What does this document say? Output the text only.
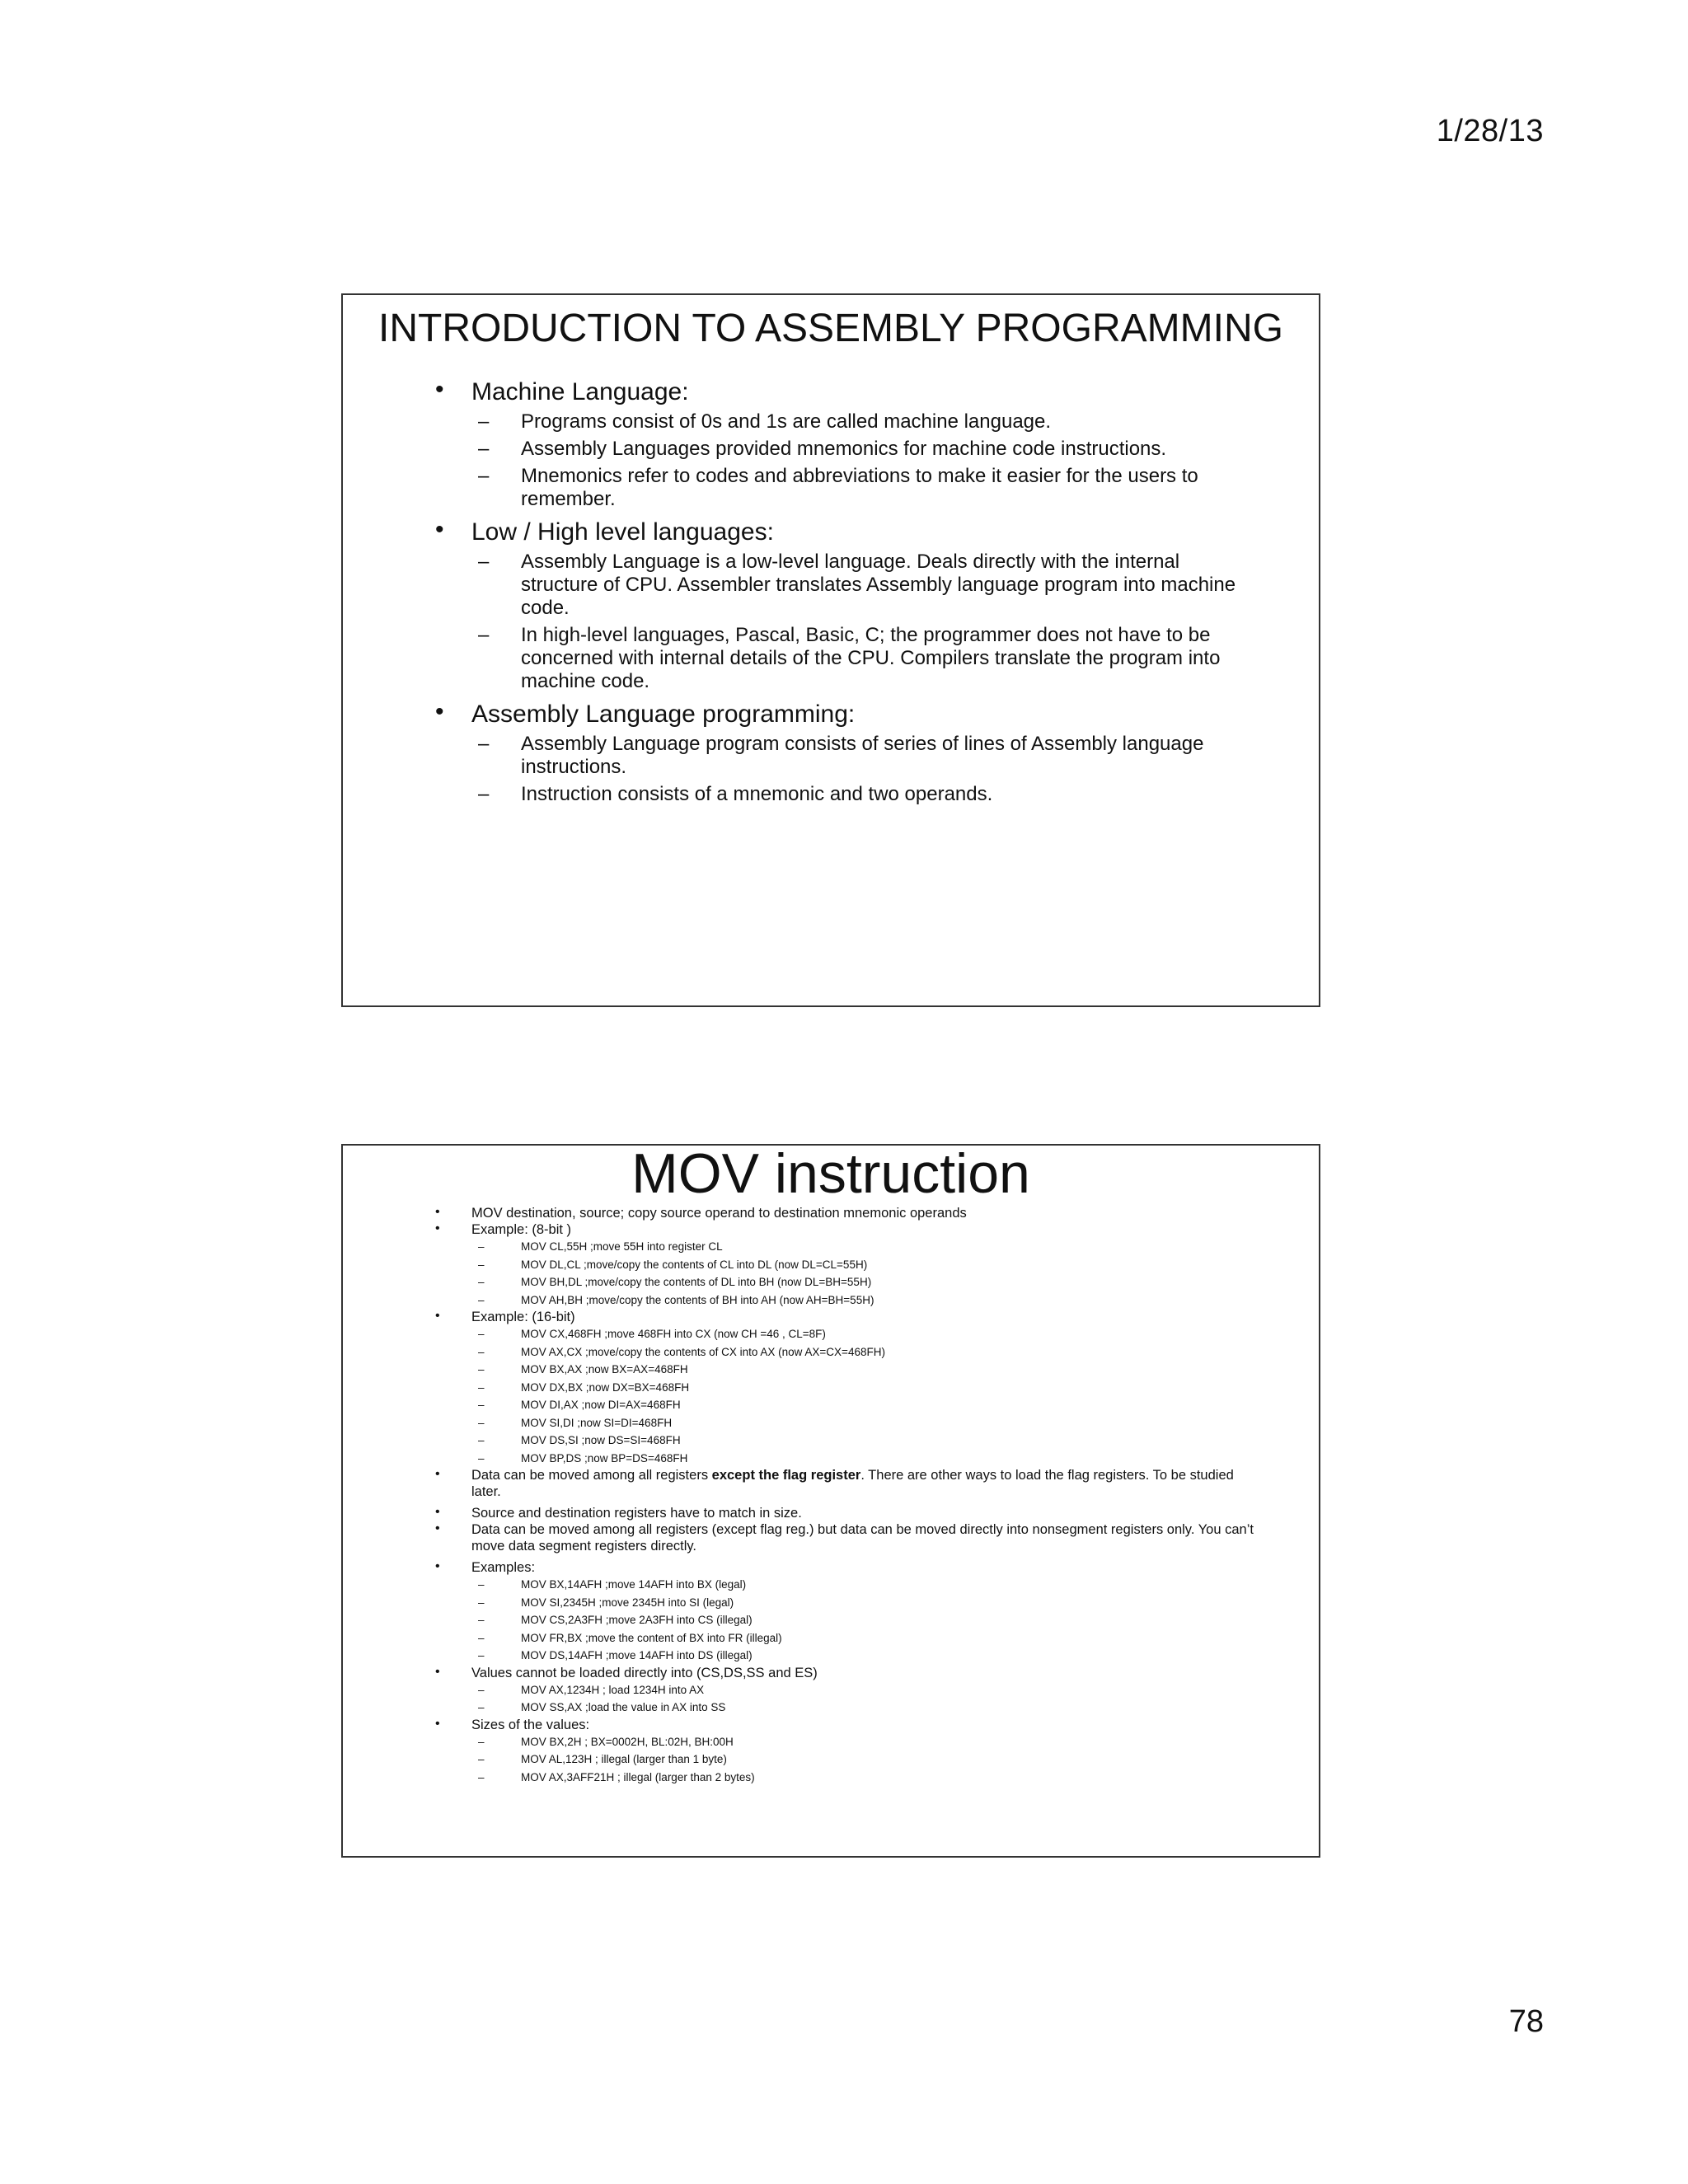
1/28/13
INTRODUCTION TO ASSEMBLY PROGRAMMING
• Machine Language:
– Programs consist of 0s and 1s are called machine language.
– Assembly Languages provided mnemonics for machine code instructions.
– Mnemonics refer to codes and abbreviations to make it easier for the users to remember.
• Low / High level languages:
– Assembly Language is a low-level language. Deals directly with the internal structure of CPU. Assembler translates Assembly language program into machine code.
– In high-level languages, Pascal, Basic, C; the programmer does not have to be concerned with internal details of the CPU. Compilers translate the program into machine code.
• Assembly Language programming:
– Assembly Language program consists of series of lines of Assembly language instructions.
– Instruction consists of a mnemonic and two operands.
MOV instruction
• MOV destination, source; copy source operand to destination mnemonic operands
• Example: (8-bit )
–	MOV CL,55H ;move 55H into register CL
–	MOV DL,CL ;move/copy the contents of CL into DL (now DL=CL=55H)
–	MOV BH,DL ;move/copy the contents of DL into BH (now DL=BH=55H)
–	MOV AH,BH ;move/copy the contents of BH into AH (now AH=BH=55H)
• Example: (16-bit)
–	MOV CX,468FH ;move 468FH into CX (now CH =46 , CL=8F)
–	MOV AX,CX ;move/copy the contents of CX into AX (now AX=CX=468FH)
–	MOV BX,AX ;now BX=AX=468FH
–	MOV DX,BX ;now DX=BX=468FH
–	MOV DI,AX ;now DI=AX=468FH
–	MOV SI,DI ;now SI=DI=468FH
–	MOV DS,SI ;now DS=SI=468FH
–	MOV BP,DS ;now BP=DS=468FH
• Data can be moved among all registers except the flag register. There are other ways to load the flag registers. To be studied later.
• Source and destination registers have to match in size.
• Data can be moved among all registers (except flag reg.) but data can be moved directly into nonsegment registers only. You can’t move data segment registers directly.
• Examples:
–	MOV BX,14AFH ;move 14AFH into BX (legal)
–	MOV SI,2345H ;move 2345H into SI (legal)
–	MOV CS,2A3FH ;move 2A3FH into CS (illegal)
–	MOV FR,BX ;move the content of BX into FR (illegal)
–	MOV DS,14AFH ;move 14AFH into DS (illegal)
• Values cannot be loaded directly into (CS,DS,SS and ES)
–	MOV AX,1234H ; load 1234H into AX
–	MOV SS,AX ;load the value in AX into SS
• Sizes of the values:
–	MOV BX,2H ; BX=0002H, BL:02H, BH:00H
–	MOV AL,123H ; illegal (larger than 1 byte)
–	MOV AX,3AFF21H ; illegal (larger than 2 bytes)
78
